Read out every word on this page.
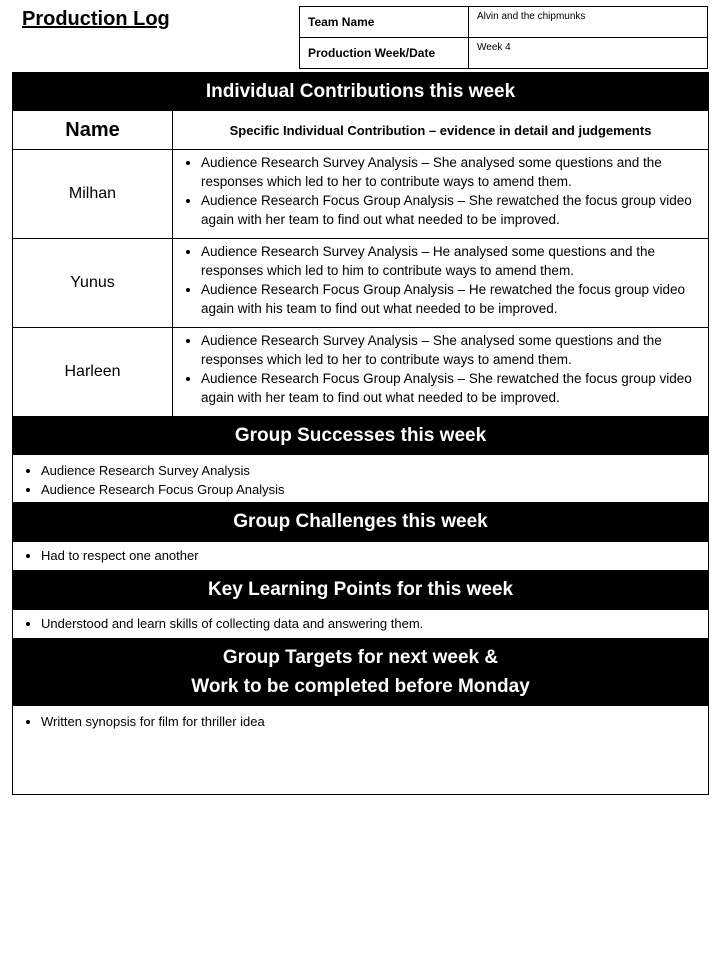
Production Log	Team Name	Alvin and the chipmunks
Production Week/Date	Week 4
Individual Contributions this week
Name	Specific Individual Contribution – evidence in detail and judgements
Milhan
• Audience Research Survey Analysis – She analysed some questions and the responses which led to her to contribute ways to amend them.
• Audience Research Focus Group Analysis – She rewatched the focus group video again with her team to find out what needed to be improved.
Yunus
• Audience Research Survey Analysis – He analysed some questions and the responses which led to him to contribute ways to amend them.
• Audience Research Focus Group Analysis – He rewatched the focus group video again with his team to find out what needed to be improved.
Harleen
• Audience Research Survey Analysis – She analysed some questions and the responses which led to her to contribute ways to amend them.
• Audience Research Focus Group Analysis – She rewatched the focus group video again with her team to find out what needed to be improved.
Group Successes this week
• Audience Research Survey Analysis
• Audience Research Focus Group Analysis
Group Challenges this week
• Had to respect one another
Key Learning Points for this week
• Understood and learn skills of collecting data and answering them.
Group Targets for next week &
Work to be completed before Monday
• Written synopsis for film for thriller idea
